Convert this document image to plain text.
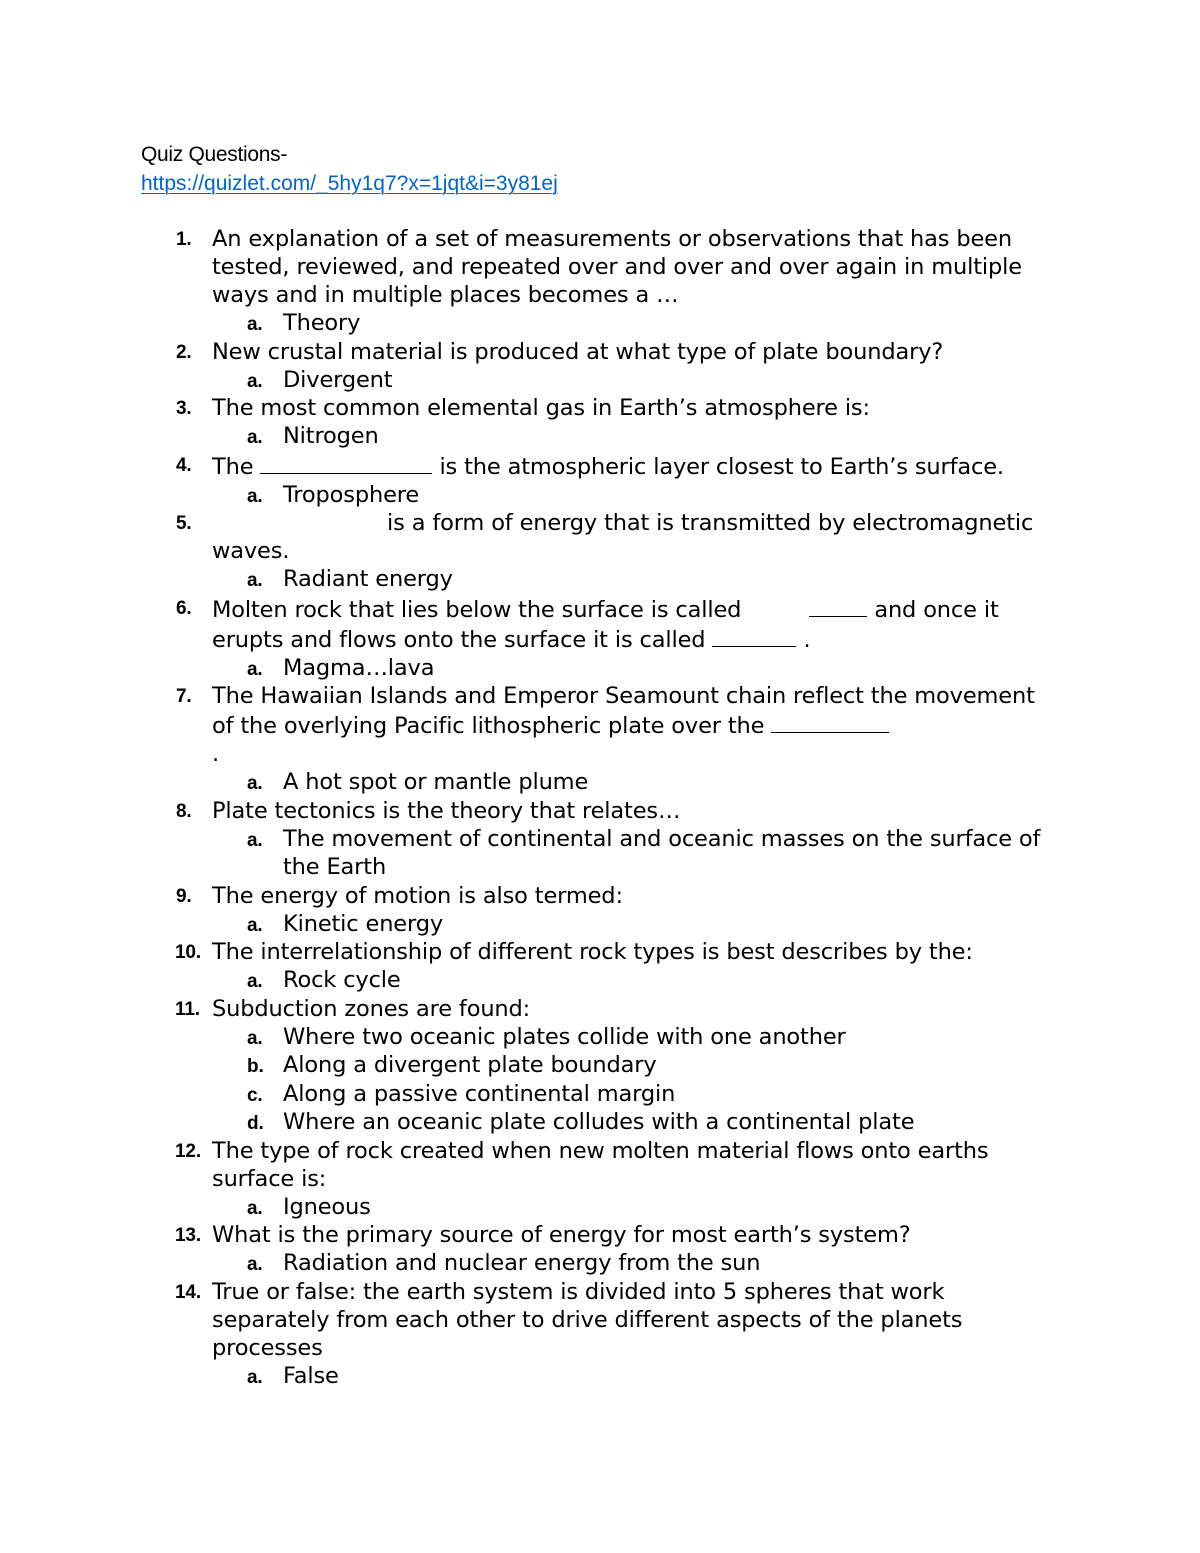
Quiz Questions-
https://quizlet.com/_5hy1q7?x=1jqt&i=3y81ej
1. An explanation of a set of measurements or observations that has been tested, reviewed, and repeated over and over and over again in multiple ways and in multiple places becomes a …
a. Theory
2. New crustal material is produced at what type of plate boundary?
a. Divergent
3. The most common elemental gas in Earth’s atmosphere is:
a. Nitrogen
4. The	is the atmospheric layer closest to Earth’s surface.
a. Troposphere
5.	is a form of energy that is transmitted by electromagnetic waves.
a. Radiant energy
6. Molten rock that lies below the surface is called	and once it erupts and flows onto the surface it is called	.
a. Magma…lava
7. The Hawaiian Islands and Emperor Seamount chain reflect the movement of the overlying Pacific lithospheric plate over the
.
a. A hot spot or mantle plume
8. Plate tectonics is the theory that relates…
a. The movement of continental and oceanic masses on the surface of the Earth
9. The energy of motion is also termed:
a. Kinetic energy
10. The interrelationship of different rock types is best describes by the:
a. Rock cycle
11. Subduction zones are found:
a. Where two oceanic plates collide with one another
b. Along a divergent plate boundary
c. Along a passive continental margin
d. Where an oceanic plate colludes with a continental plate
12. The type of rock created when new molten material flows onto earths surface is:
a. Igneous
13. What is the primary source of energy for most earth’s system?
a. Radiation and nuclear energy from the sun
14. True or false: the earth system is divided into 5 spheres that work separately from each other to drive different aspects of the planets processes
a. False
